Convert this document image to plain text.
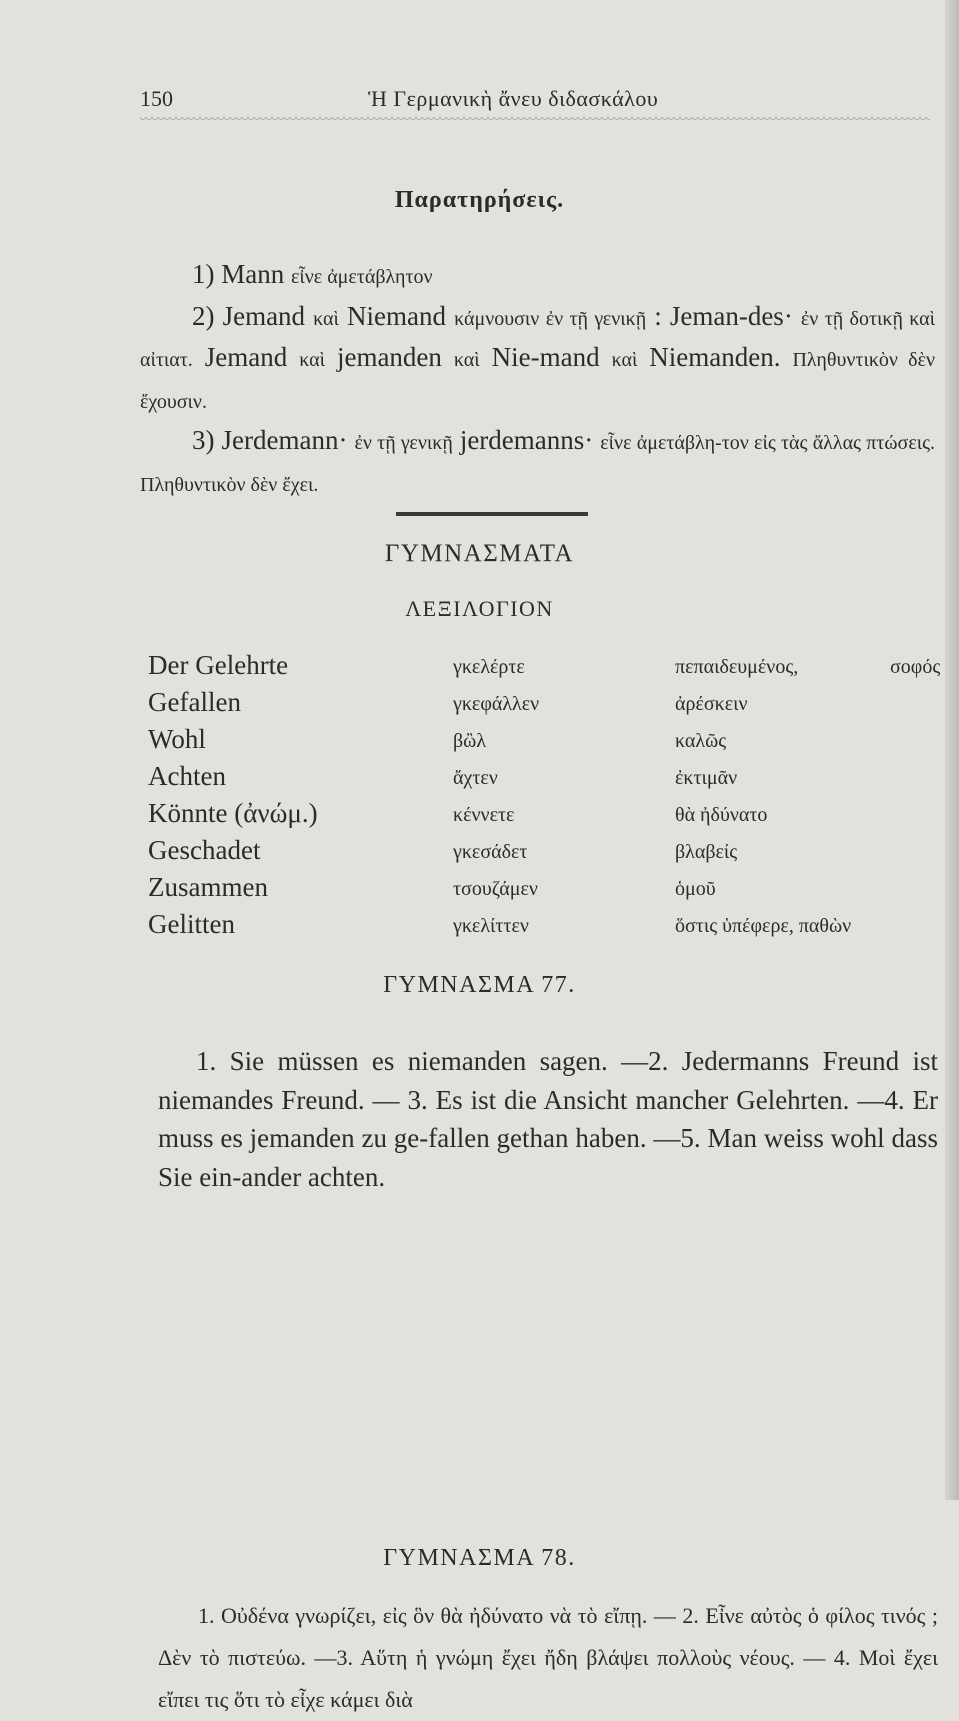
150	Ἡ Γερμανικὴ ἄνευ διδασκάλου
Παρατηρήσεις.

1) Mann εἶνε ἀμετάβλητον

2) Jemand καὶ Niemand κάμνουσιν ἐν τῇ γενικῇ : Jeman-des· ἐν τῇ δοτικῇ καὶ αἰτιατ. Jemand καὶ jemanden καὶ Nie-mand καὶ Niemanden. Πληθυντικὸν δὲν ἔχουσιν.

3) Jerdemann· ἐν τῇ γενικῇ jerdemanns· εἶνε ἀμετάβλη-τον εἰς τὰς ἄλλας πτώσεις. Πληθυντικὸν δὲν ἔχει.

ΓΥΜΝΑΣΜΑΤΑ
ΛΕΞΙΛΟΓΙΟΝ
Der Gelehrte	γκελέρτε	πεπαιδευμένος,	σοφός
Gefallen	γκεφάλλεν	ἀρέσκειν
Wohl	βὢλ	καλῶς
Achten	ἄχτεν	ἐκτιμᾶν
Könnte (ἀνώμ.)	κέννετε	θὰ ἠδύνατο
Geschadet	γκεσάδετ	βλαβείς
Zusammen	τσουζάμεν	ὁμοῦ
Gelitten	γκελίττεν	ὅστις ὑπέφερε, παθὼν
ΓΥΜΝΑΣΜΑ 77.

1. Sie müssen es niemanden sagen. —2. Jedermanns Freund ist niemandes Freund. — 3. Es ist die Ansicht mancher Gelehrten. —4. Er muss es jemanden zu ge-fallen gethan haben. —5. Man weiss wohl dass Sie ein-ander achten.

ΓΥΜΝΑΣΜΑ 78.

1. Οὐδένα γνωρίζει, εἰς ὃν θὰ ἠδύνατο νὰ τὸ εἴπῃ. — 2. Εἶνε αὐτὸς ὁ φίλος τινός ; Δὲν τὸ πιστεύω. —3. Αὕτη ἡ γνώμη ἔχει ἤδη βλάψει πολλοὺς νέους. — 4. Μοὶ ἔχει εἴπει τις ὅτι τὸ εἶχε κάμει διὰ
